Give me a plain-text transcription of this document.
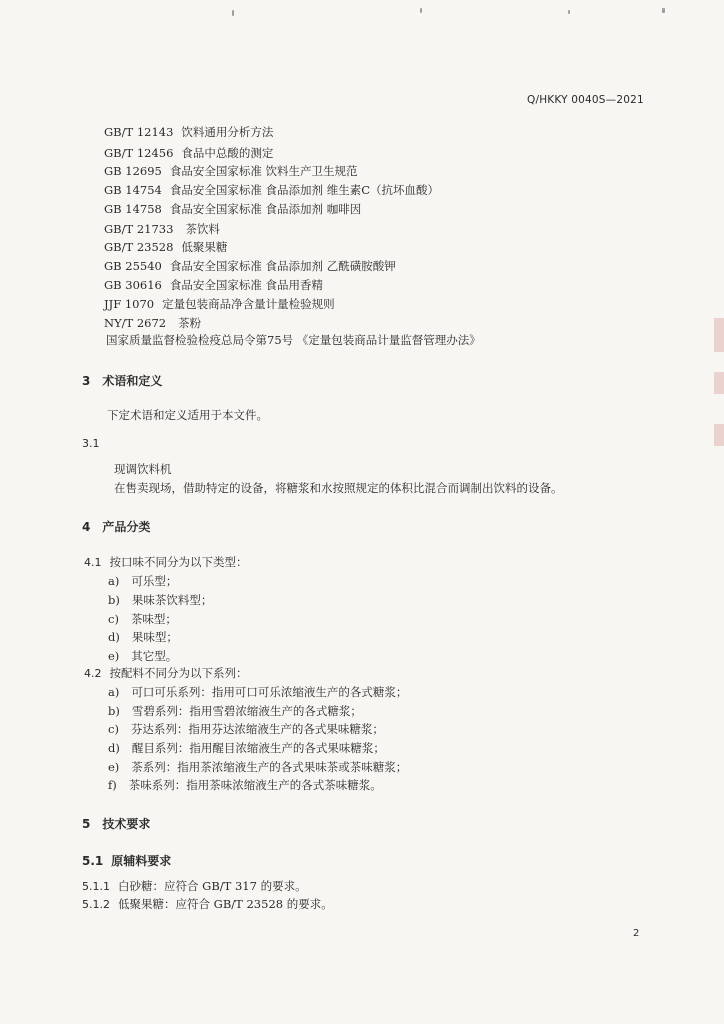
Q/HKKY 0040S—2021
GB/T 12143 饮料通用分析方法
GB/T 12456 食品中总酸的测定
GB 12695 食品安全国家标准 饮料生产卫生规范
GB 14754 食品安全国家标准 食品添加剂 维生素C（抗坏血酸）
GB 14758 食品安全国家标准 食品添加剂 咖啡因
GB/T 21733 茶饮料
GB/T 23528 低聚果糖
GB 25540 食品安全国家标准 食品添加剂 乙酰磺胺酸钾
GB 30616 食品安全国家标准 食品用香精
JJF 1070 定量包装商品净含量计量检验规则
NY/T 2672 茶粉
国家质量监督检验检疫总局令第75号 《定量包装商品计量监督管理办法》
3 术语和定义
下定术语和定义适用于本文件。
3.1
现调饮料机
在售卖现场，借助特定的设备，将糖浆和水按照规定的体积比混合而调制出饮料的设备。
4 产品分类
4.1 按口味不同分为以下类型：
a) 可乐型；
b) 果味茶饮料型；
c) 茶味型；
d) 果味型；
e) 其它型。
4.2 按配料不同分为以下系列：
a) 可口可乐系列：指用可口可乐浓缩液生产的各式糖浆；
b) 雪碧系列：指用雪碧浓缩液生产的各式糖浆；
c) 芬达系列：指用芬达浓缩液生产的各式果味糖浆；
d) 醒目系列：指用醒目浓缩液生产的各式果味糖浆；
e) 茶系列：指用茶浓缩液生产的各式果味茶或茶味糖浆；
f) 茶味系列：指用茶味浓缩液生产的各式茶味糖浆。
5 技术要求
5.1 原辅料要求
5.1.1 白砂糖：应符合 GB/T 317 的要求。
5.1.2 低聚果糖：应符合 GB/T 23528 的要求。
2
